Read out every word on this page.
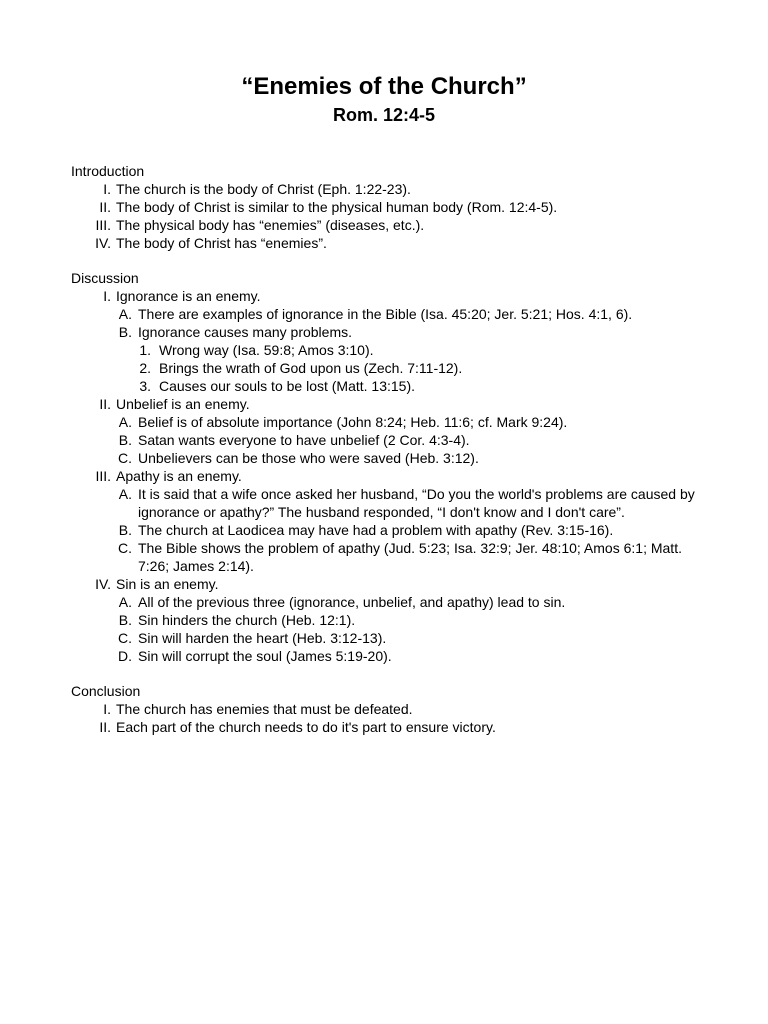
“Enemies of the Church”
Rom. 12:4-5
Introduction
I. The church is the body of Christ (Eph. 1:22-23).
II. The body of Christ is similar to the physical human body (Rom. 12:4-5).
III. The physical body has “enemies” (diseases, etc.).
IV. The body of Christ has “enemies”.
Discussion
I. Ignorance is an enemy.
A. There are examples of ignorance in the Bible (Isa. 45:20; Jer. 5:21; Hos. 4:1, 6).
B. Ignorance causes many problems.
1. Wrong way (Isa. 59:8; Amos 3:10).
2. Brings the wrath of God upon us (Zech. 7:11-12).
3. Causes our souls to be lost (Matt. 13:15).
II. Unbelief is an enemy.
A. Belief is of absolute importance (John 8:24; Heb. 11:6; cf. Mark 9:24).
B. Satan wants everyone to have unbelief (2 Cor. 4:3-4).
C. Unbelievers can be those who were saved (Heb. 3:12).
III. Apathy is an enemy.
A. It is said that a wife once asked her husband, “Do you the world's problems are caused by ignorance or apathy?” The husband responded, “I don't know and I don't care”.
B. The church at Laodicea may have had a problem with apathy (Rev. 3:15-16).
C. The Bible shows the problem of apathy (Jud. 5:23; Isa. 32:9; Jer. 48:10; Amos 6:1; Matt. 7:26; James 2:14).
IV. Sin is an enemy.
A. All of the previous three (ignorance, unbelief, and apathy) lead to sin.
B. Sin hinders the church (Heb. 12:1).
C. Sin will harden the heart (Heb. 3:12-13).
D. Sin will corrupt the soul (James 5:19-20).
Conclusion
I. The church has enemies that must be defeated.
II. Each part of the church needs to do it's part to ensure victory.
